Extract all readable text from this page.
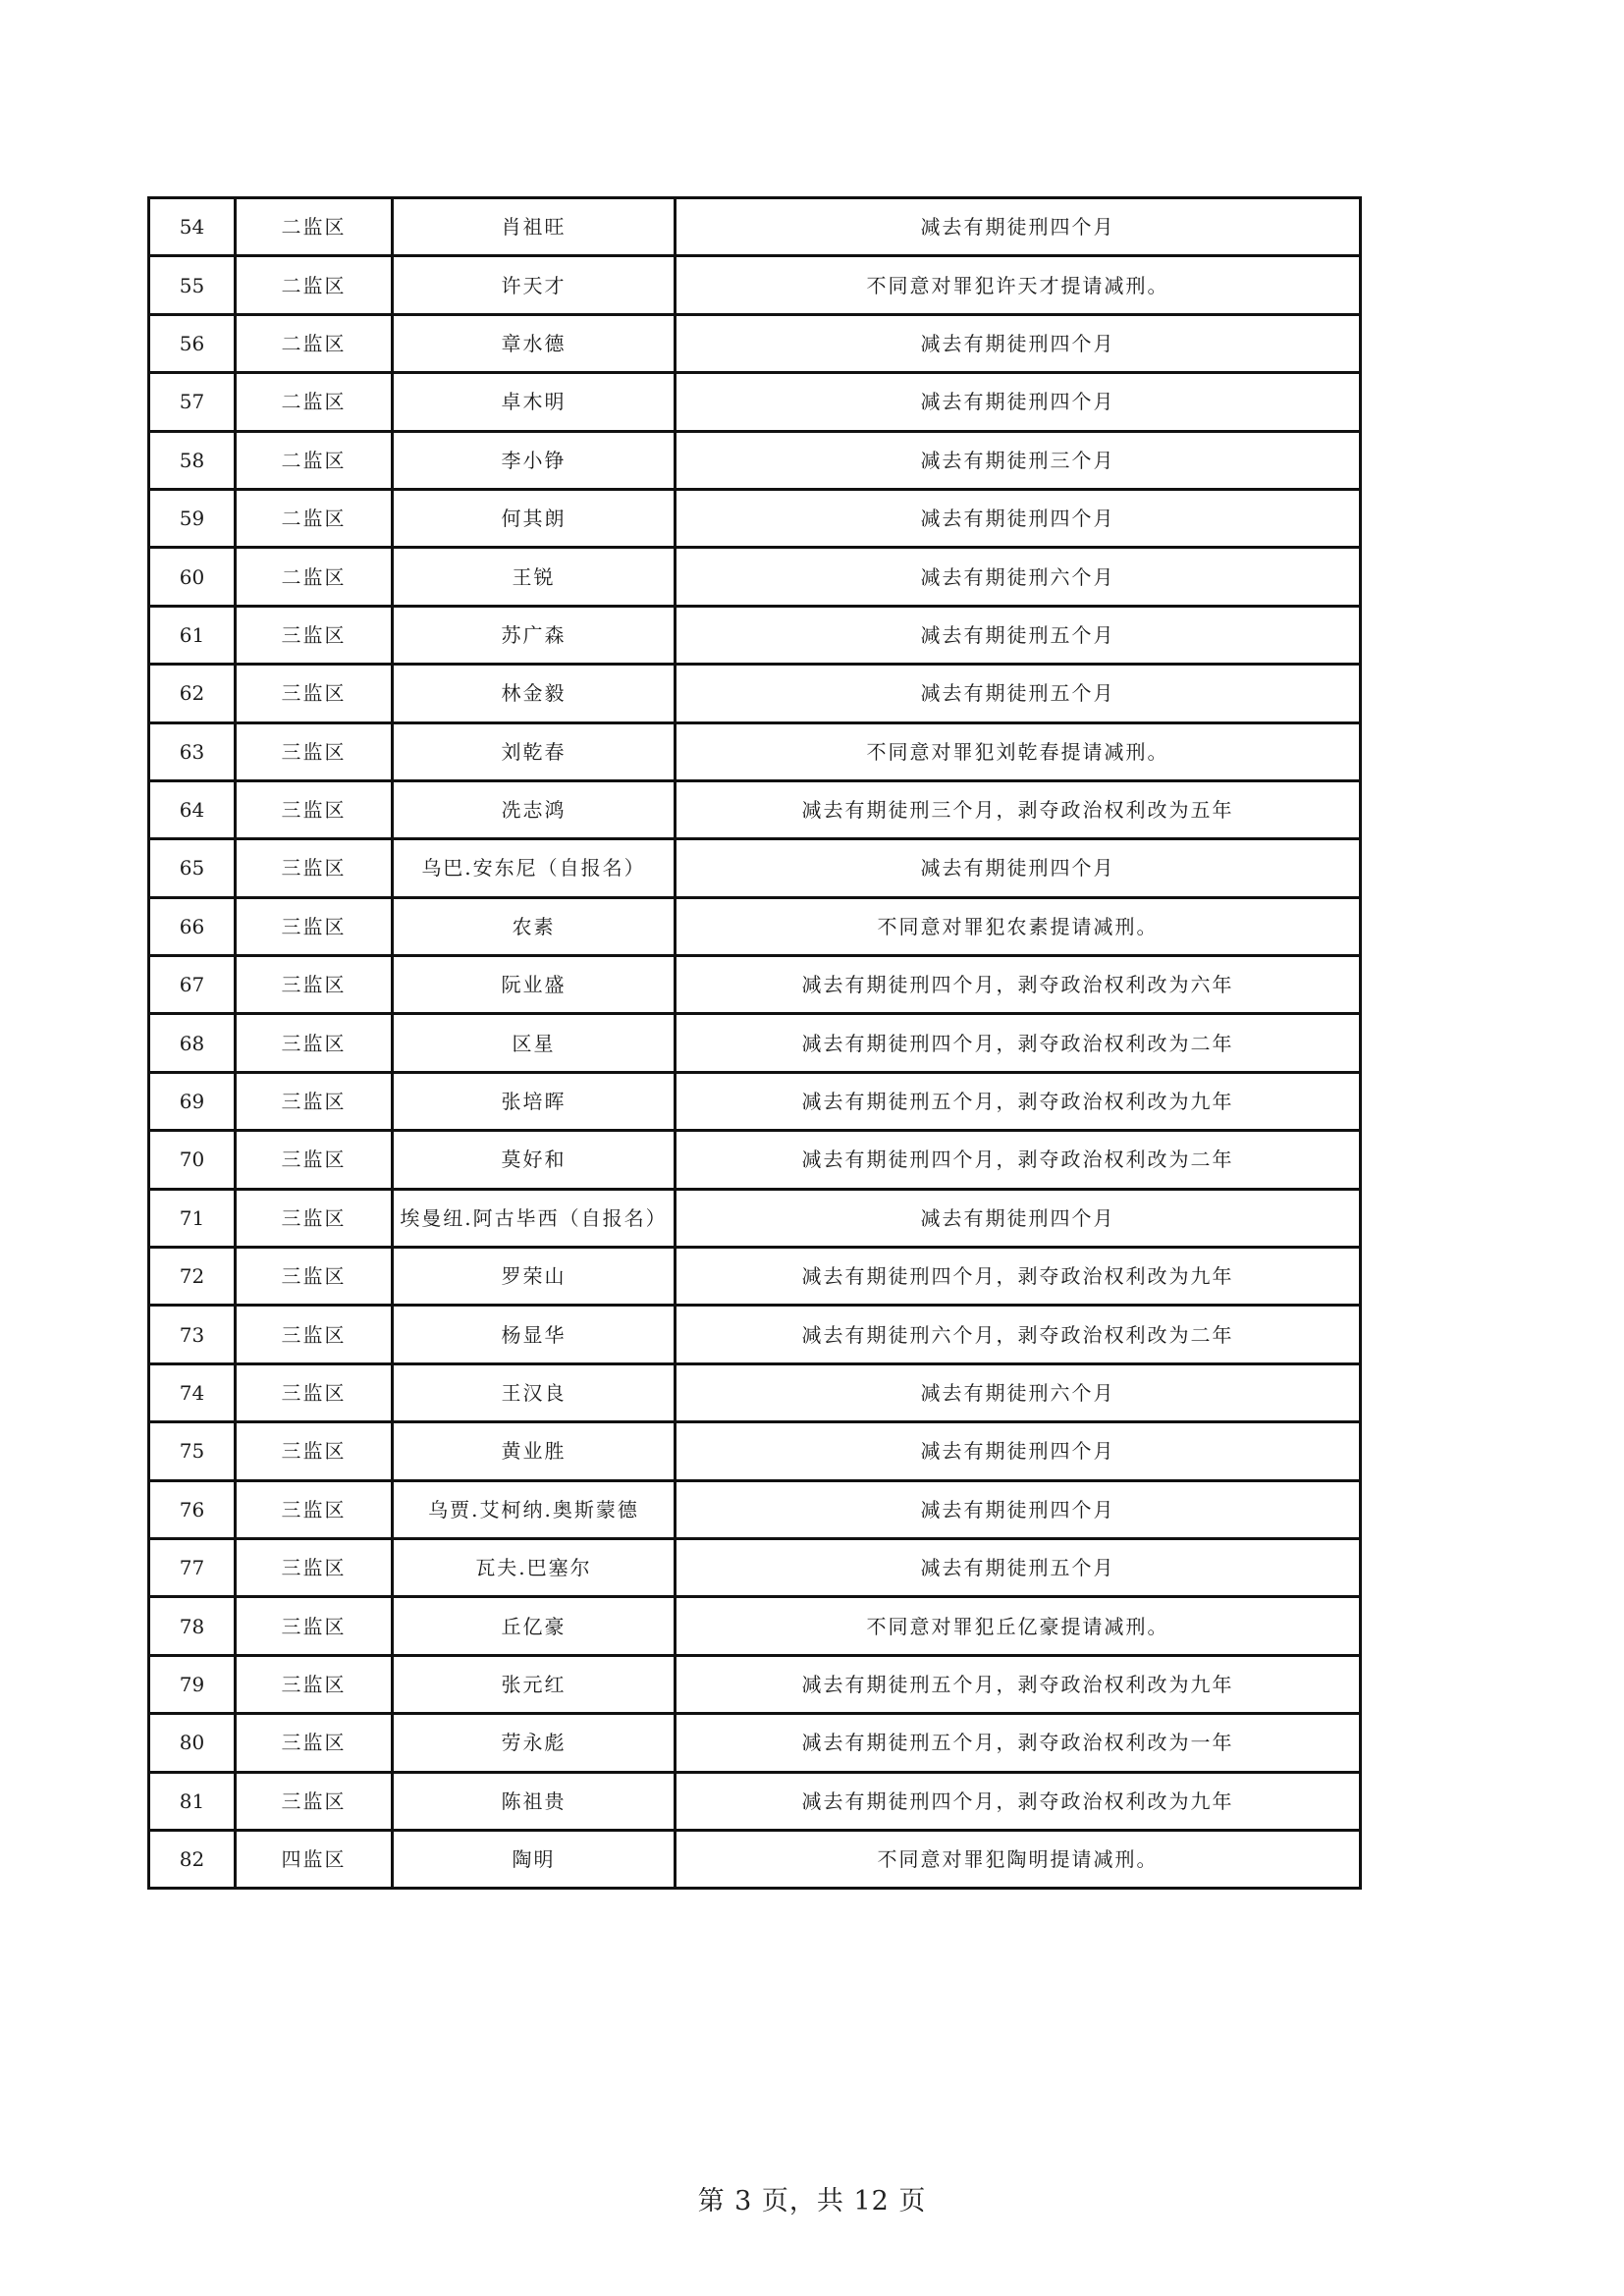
54	二监区	肖祖旺	减去有期徒刑四个月
55	二监区	许天才	不同意对罪犯许天才提请减刑。
56	二监区	章水德	减去有期徒刑四个月
57	二监区	卓木明	减去有期徒刑四个月
58	二监区	李小铮	减去有期徒刑三个月
59	二监区	何其朗	减去有期徒刑四个月
60	二监区	王锐	减去有期徒刑六个月
61	三监区	苏广森	减去有期徒刑五个月
62	三监区	林金毅	减去有期徒刑五个月
63	三监区	刘乾春	不同意对罪犯刘乾春提请减刑。
64	三监区	冼志鸿	减去有期徒刑三个月，剥夺政治权利改为五年
65	三监区	乌巴.安东尼（自报名）	减去有期徒刑四个月
66	三监区	农素	不同意对罪犯农素提请减刑。
67	三监区	阮业盛	减去有期徒刑四个月，剥夺政治权利改为六年
68	三监区	区星	减去有期徒刑四个月，剥夺政治权利改为二年
69	三监区	张培晖	减去有期徒刑五个月，剥夺政治权利改为九年
70	三监区	莫好和	减去有期徒刑四个月，剥夺政治权利改为二年
71	三监区	埃曼纽.阿古毕西（自报名）	减去有期徒刑四个月
72	三监区	罗荣山	减去有期徒刑四个月，剥夺政治权利改为九年
73	三监区	杨显华	减去有期徒刑六个月，剥夺政治权利改为二年
74	三监区	王汉良	减去有期徒刑六个月
75	三监区	黄业胜	减去有期徒刑四个月
76	三监区	乌贾.艾柯纳.奥斯蒙德	减去有期徒刑四个月
77	三监区	瓦夫.巴塞尔	减去有期徒刑五个月
78	三监区	丘亿豪	不同意对罪犯丘亿豪提请减刑。
79	三监区	张元红	减去有期徒刑五个月，剥夺政治权利改为九年
80	三监区	劳永彪	减去有期徒刑五个月，剥夺政治权利改为一年
81	三监区	陈祖贵	减去有期徒刑四个月，剥夺政治权利改为九年
82	四监区	陶明	不同意对罪犯陶明提请减刑。
第 3 页，共 12 页
